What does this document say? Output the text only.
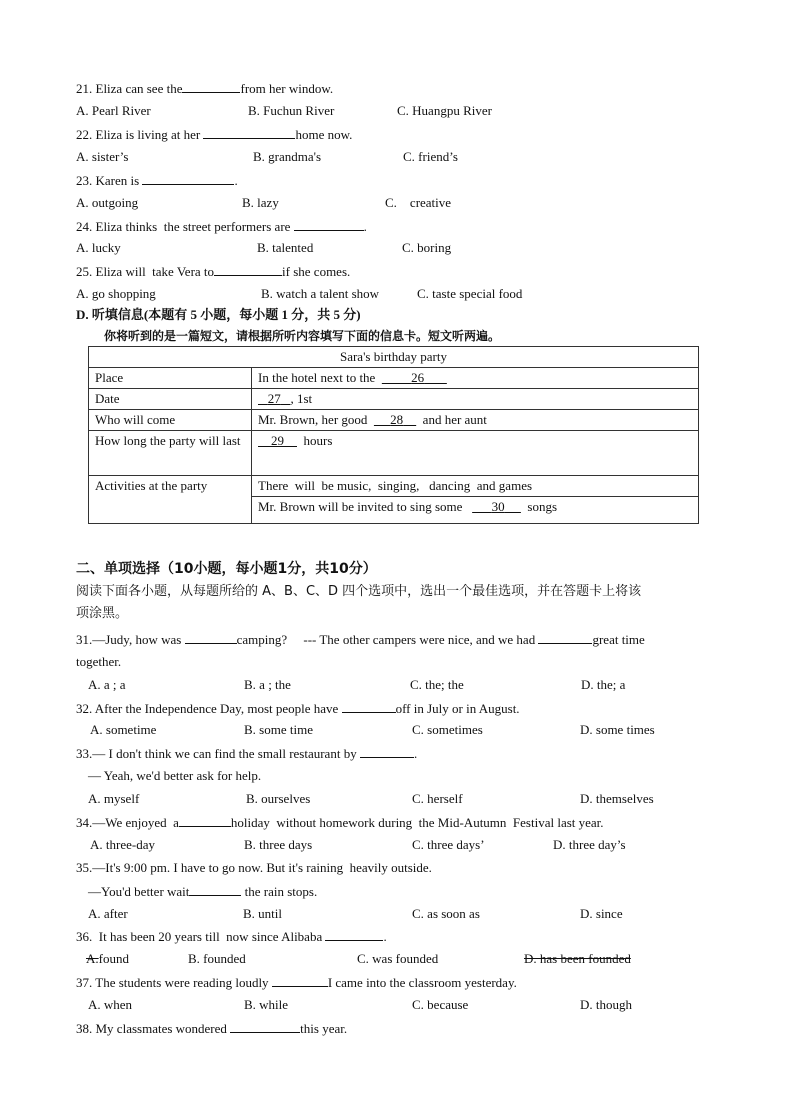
21. Eliza can see the	from her window.
A. Pearl River	B. Fuchun River	C. Huangpu River
22. Eliza is living at her	home now.
A. sister’s	B. grandma's	C. friend’s
23. Karen is	.
A. outgoing	B. lazy	C.    creative
24. Eliza thinks  the street performers are	.
A. lucky	B. talented	C. boring
25. Eliza will  take Vera to	if she comes.
A. go shopping	B. watch a talent show	C. taste special food
D. 听填信息(本题有 5 小题，每小题 1 分，共 5 分)
你将听到的是一篇短文，请根据所听内容填写下面的信息卡。短文听两遍。
Sara's birthday party	
Place	In the hotel next to the 26
Date	27 , 1st
Who will come	Mr. Brown, her good 28 and her aunt
How long the party will last	29 hours
Activities at the party	There  will  be music,  singing,   dancing  and games
	Mr. Brown will be invited to sing some 30 songs
二、单项选择（10小题，每小题1分，共10分）
阅读下面各小题，从每题所给的 A、B、C、D 四个选项中，选出一个最佳选项，并在答题卡上将该
项涂黑。
31.—Judy, how was	camping?     --- The other campers were nice, and we had	great time
together.
A. a ; a	B. a ; the	C. the; the	D. the; a
32. After the Independence Day, most people have	off in July or in August.
A. sometime	B. some time	C. sometimes	D. some times
33.— I don't think we can find the small restaurant by	.
— Yeah, we'd better ask for help.
A. myself	B. ourselves	C. herself	D. themselves
34.—We enjoyed  a	holiday  without homework during  the Mid-Autumn  Festival last year.
A. three-day	B. three days	C. three days’	D. three day’s
35.—It's 9:00 pm. I have to go now. But it's raining  heavily outside.
—You'd better wait	the rain stops.
A. after	B. until	C. as soon as	D. since
36.  It has been 20 years till  now since Alibaba	.
A.found	B. founded	C. was founded	D. has been founded
37. The students were reading loudly	I came into the classroom yesterday.
A. when	B. while	C. because	D. though
38. My classmates wondered	this year.
